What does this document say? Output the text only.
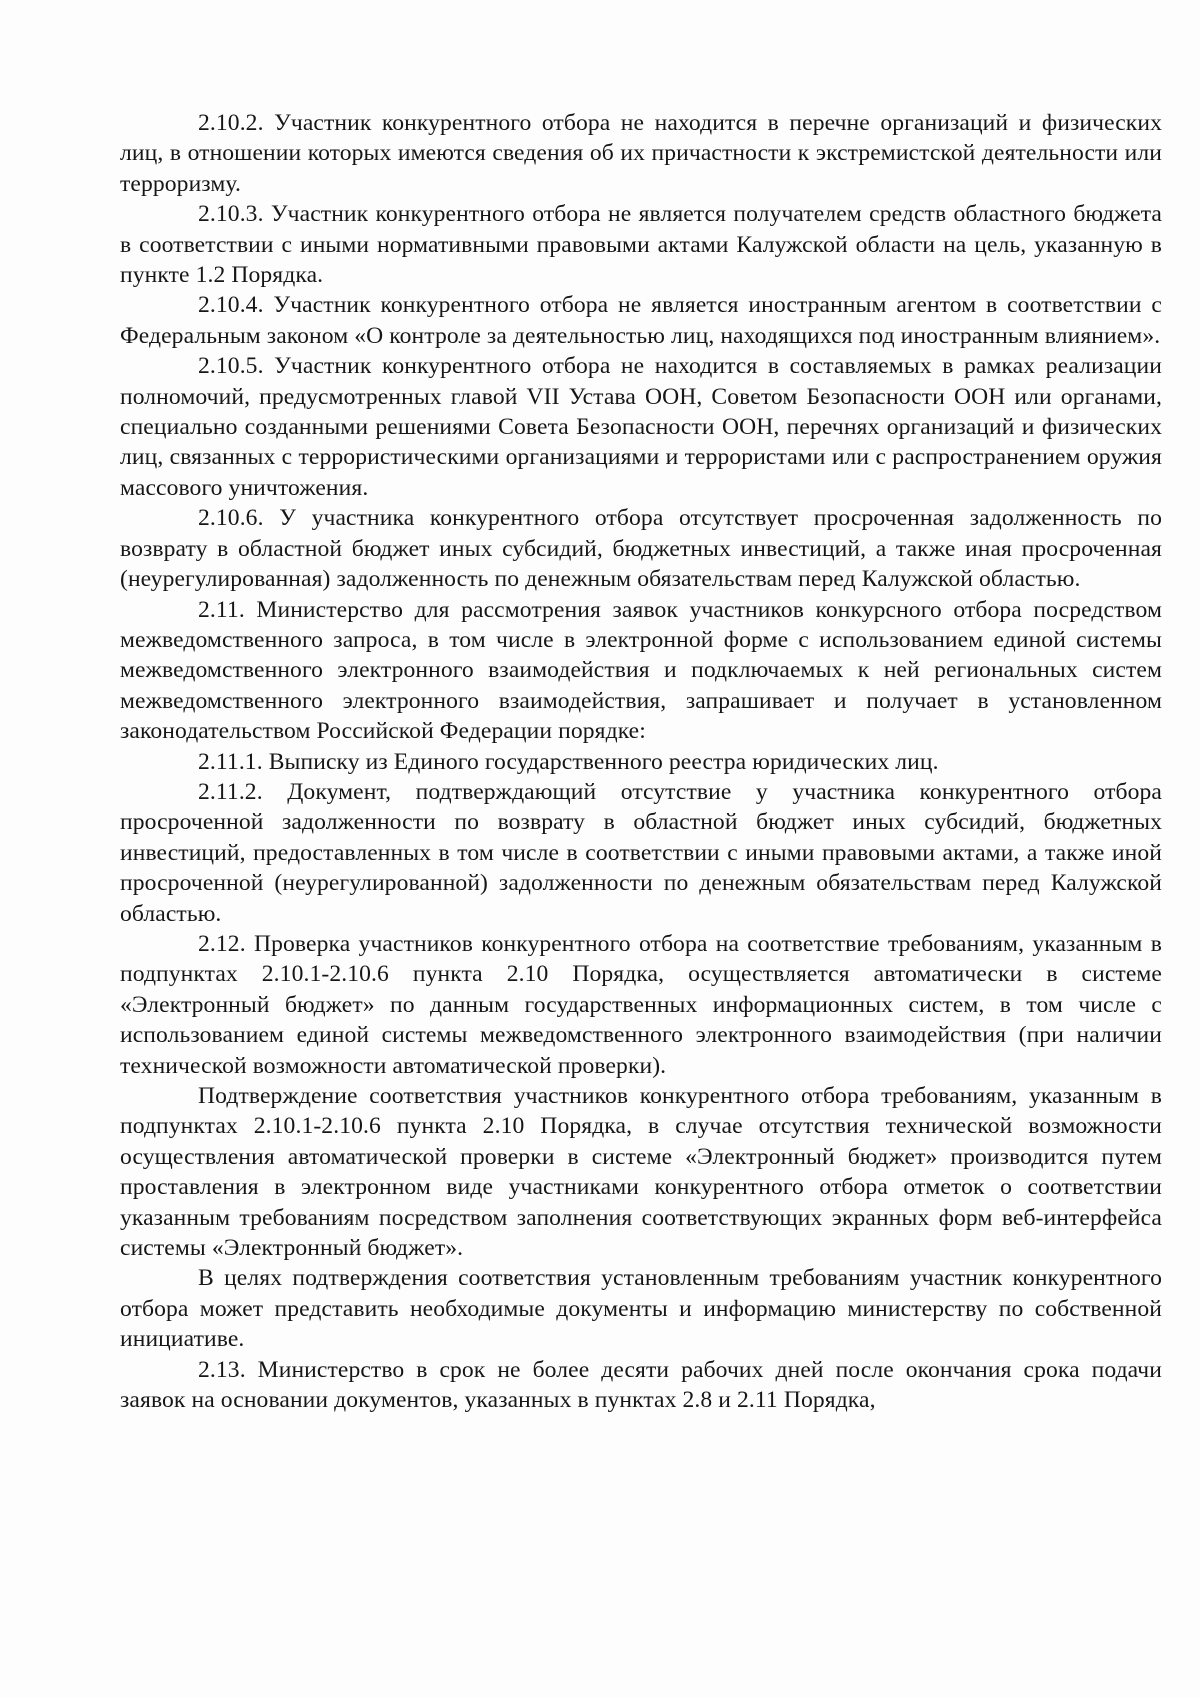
2.10.2. Участник конкурентного отбора не находится в перечне организаций и физических лиц, в отношении которых имеются сведения об их причастности к экстремистской деятельности или терроризму.

2.10.3. Участник конкурентного отбора не является получателем средств областного бюджета в соответствии с иными нормативными правовыми актами Калужской области на цель, указанную в пункте 1.2 Порядка.

2.10.4. Участник конкурентного отбора не является иностранным агентом в соответствии с Федеральным законом «О контроле за деятельностью лиц, находящихся под иностранным влиянием».

2.10.5. Участник конкурентного отбора не находится в составляемых в рамках реализации полномочий, предусмотренных главой VII Устава ООН, Советом Безопасности ООН или органами, специально созданными решениями Совета Безопасности ООН, перечнях организаций и физических лиц, связанных с террористическими организациями и террористами или с распространением оружия массового уничтожения.

2.10.6. У участника конкурентного отбора отсутствует просроченная задолженность по возврату в областной бюджет иных субсидий, бюджетных инвестиций, а также иная просроченная (неурегулированная) задолженность по денежным обязательствам перед Калужской областью.

2.11. Министерство для рассмотрения заявок участников конкурсного отбора посредством межведомственного запроса, в том числе в электронной форме с использованием единой системы межведомственного электронного взаимодействия и подключаемых к ней региональных систем межведомственного электронного взаимодействия, запрашивает и получает в установленном законодательством Российской Федерации порядке:

2.11.1. Выписку из Единого государственного реестра юридических лиц.

2.11.2. Документ, подтверждающий отсутствие у участника конкурентного отбора просроченной задолженности по возврату в областной бюджет иных субсидий, бюджетных инвестиций, предоставленных в том числе в соответствии с иными правовыми актами, а также иной просроченной (неурегулированной) задолженности по денежным обязательствам перед Калужской областью.

2.12. Проверка участников конкурентного отбора на соответствие требованиям, указанным в подпунктах 2.10.1-2.10.6 пункта 2.10 Порядка, осуществляется автоматически в системе «Электронный бюджет» по данным государственных информационных систем, в том числе с использованием единой системы межведомственного электронного взаимодействия (при наличии технической возможности автоматической проверки).

Подтверждение соответствия участников конкурентного отбора требованиям, указанным в подпунктах 2.10.1-2.10.6 пункта 2.10 Порядка, в случае отсутствия технической возможности осуществления автоматической проверки в системе «Электронный бюджет» производится путем проставления в электронном виде участниками конкурентного отбора отметок о соответствии указанным требованиям посредством заполнения соответствующих экранных форм веб-интерфейса системы «Электронный бюджет».

В целях подтверждения соответствия установленным требованиям участник конкурентного отбора может представить необходимые документы и информацию министерству по собственной инициативе.

2.13. Министерство в срок не более десяти рабочих дней после окончания срока подачи заявок на основании документов, указанных в пунктах 2.8 и 2.11 Порядка,
